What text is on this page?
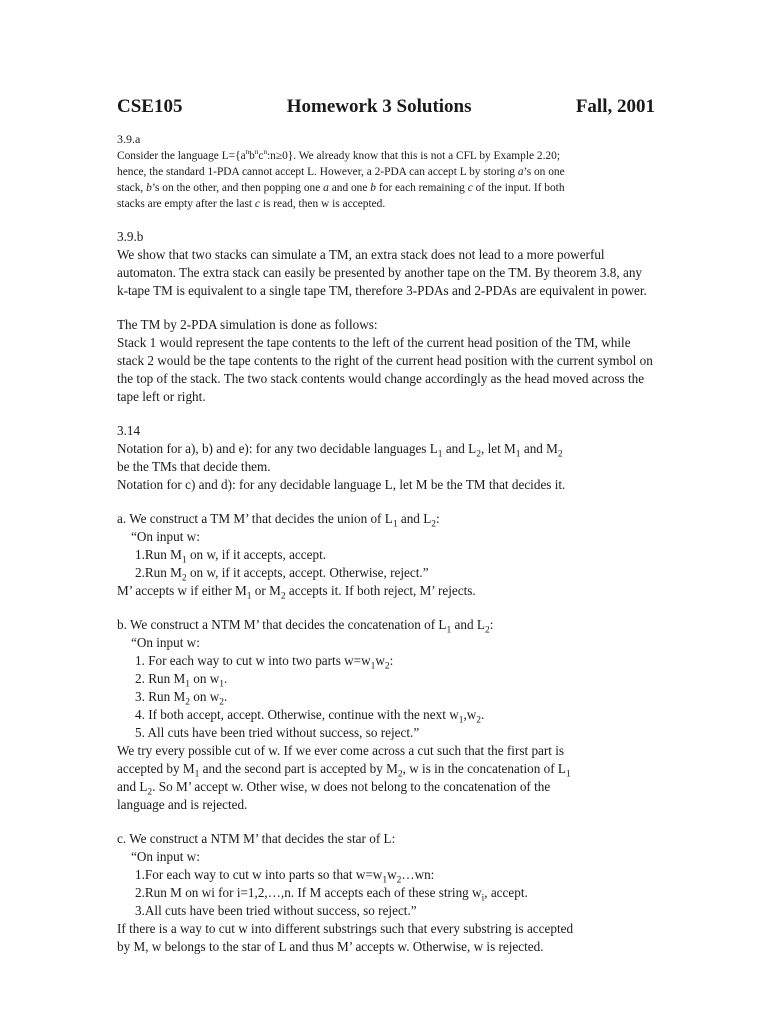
CSE105	Homework 3 Solutions	Fall, 2001
3.9.a

Consider the language $L=\{a^nb^nc^n:n\ge 0\}$. We already know that this is not a CFL by Example 2.20;

hence, the standard 1-PDA cannot accept L. However, a 2-PDA can accept L by storing a’s on one

stack, b’s on the other, and then popping one a and one b for each remaining c of the input. If both

stacks are empty after the last c is read, then w is accepted.

3.9.b

We show that two stacks can simulate a TM, an extra stack does not lead to a more powerful automaton. The extra stack can easily be presented by another tape on the TM. By theorem 3.8, any k-tape TM is equivalent to a single tape TM, therefore 3-PDAs and 2-PDAs are equivalent in power.

The TM by 2-PDA simulation is done as follows:

Stack 1 would represent the tape contents to the left of the current head position of the TM, while stack 2 would be the tape contents to the right of the current head position with the current symbol on the top of the stack. The two stack contents would change accordingly as the head moved across the tape left or right.

3.14

Notation for a), b) and e): for any two decidable languages $L_1$ and $L_2$, let $M_1$ and $M_2$

be the TMs that decide them.

Notation for c) and d): for any decidable language L, let M be the TM that decides it.

a. We construct a TM M’ that decides the union of $L_1$ and $L_2$:

“On input w:

1.Run $M_1$ on w, if it accepts, accept.

2.Run $M_2$ on w, if it accepts, accept. Otherwise, reject.”

M’ accepts w if either $M_1$ or $M_2$ accepts it. If both reject, M’ rejects.

b. We construct a NTM M’ that decides the concatenation of $L_1$ and $L_2$:

“On input w:

1. For each way to cut w into two parts $w=w_1w_2$:

2. Run $M_1$ on $w_1$.

3. Run $M_2$ on $w_2$.

4. If both accept, accept. Otherwise, continue with the next $w_1,w_2$.

5. All cuts have been tried without success, so reject.”

We try every possible cut of w. If we ever come across a cut such that the first part is

accepted by $M_1$ and the second part is accepted by $M_2$, w is in the concatenation of $L_1$

and $L_2$. So M’ accept w. Other wise, w does not belong to the concatenation of the

language and is rejected.

c. We construct a NTM M’ that decides the star of L:

“On input w:

1.For each way to cut w into parts so that $w=w_1w_2\dots wn$:

2.Run M on wi for i=1,2,…,n. If M accepts each of these string $w_i$, accept.

3.All cuts have been tried without success, so reject.”

If there is a way to cut w into different substrings such that every substring is accepted

by M, w belongs to the star of L and thus M’ accepts w. Otherwise, w is rejected.
